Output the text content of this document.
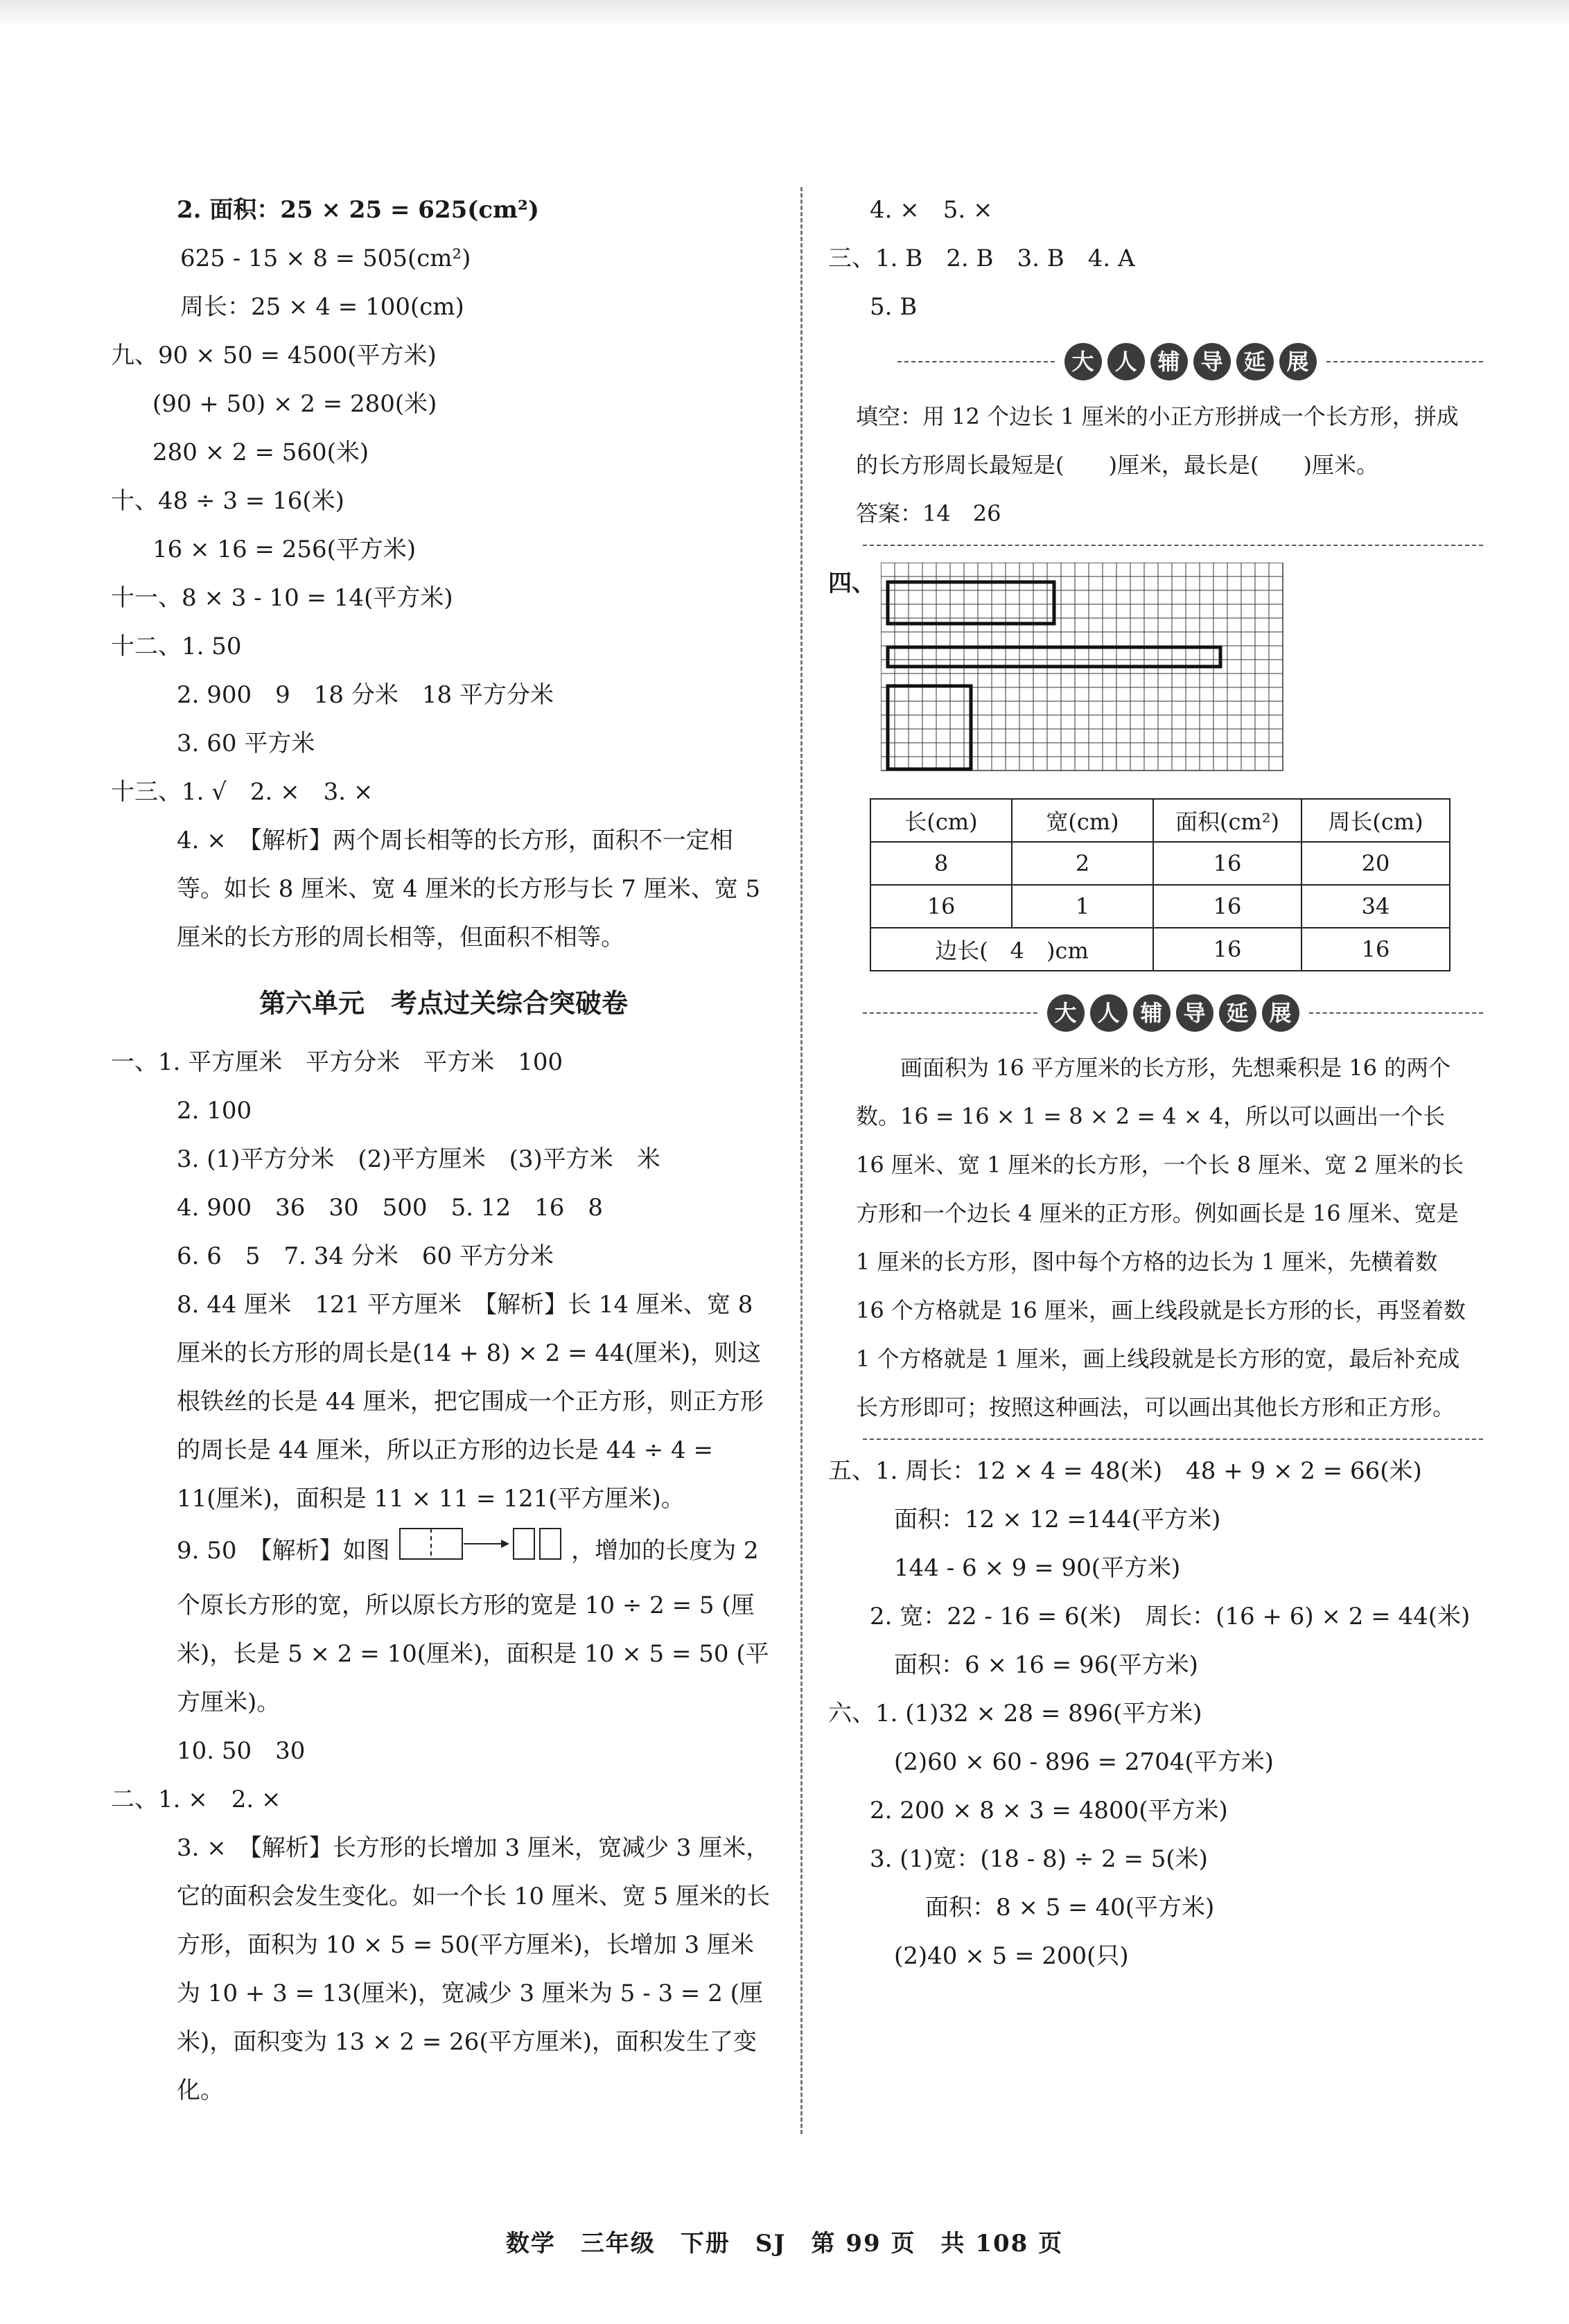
2. 面积：25 × 25 = 625(cm²)
625 - 15 × 8 = 505(cm²)
周长：25 × 4 = 100(cm)
九、90 × 50 = 4500(平方米)
(90 + 50) × 2 = 280(米)
280 × 2 = 560(米)
十、48 ÷ 3 = 16(米)
16 × 16 = 256(平方米)
十一、8 × 3 - 10 = 14(平方米)
十二、1. 50
2. 900　9　18 分米　18 平方分米
3. 60 平方米
十三、1. √　2. ×　3. ×
4. ×　【解析】两个周长相等的长方形，面积不一定相等。如长 8 厘米、宽 4 厘米的长方形与长 7 厘米、宽 5 厘米的长方形的周长相等，但面积不相等。
第六单元　考点过关综合突破卷
一、1. 平方厘米　平方分米　平方米　100
2. 100
3. (1)平方分米　(2)平方厘米　(3)平方米　米
4. 900　36　30　500　5. 12　16　8
6. 6　5　7. 34 分米　60 平方分米
8. 44 厘米　121 平方厘米　【解析】长 14 厘米、宽 8 厘米的长方形的周长是(14 + 8) × 2 = 44(厘米)，则这根铁丝的长是 44 厘米，把它围成一个正方形，则正方形的周长是 44 厘米，所以正方形的边长是 44 ÷ 4 = 11(厘米)，面积是 11 × 11 = 121(平方厘米)。
9. 50　【解析】如图	，增加的长度为 2 个原长方形的宽，所以原长方形的宽是 10 ÷ 2 = 5 (厘米)，长是 5 × 2 = 10(厘米)，面积是 10 × 5 = 50 (平方厘米)。
10. 50　30
二、1. ×　2. ×
3. ×　【解析】长方形的长增加 3 厘米，宽减少 3 厘米，它的面积会发生变化。如一个长 10 厘米、宽 5 厘米的长方形，面积为 10 × 5 = 50(平方厘米)，长增加 3 厘米为 10 + 3 = 13(厘米)，宽减少 3 厘米为 5 - 3 = 2 (厘米)，面积变为 13 × 2 = 26(平方厘米)，面积发生了变化。
4. ×　5. ×
三、1. B　2. B　3. B　4. A
5. B
大 人 辅 导 延 展
填空：用 12 个边长 1 厘米的小正方形拼成一个长方形，拼成的长方形周长最短是(　　)厘米，最长是(　　)厘米。
答案：14　26
四、
长(cm)	宽(cm)	面积(cm²)	周长(cm)
8	2	16	20
16	1	16	34
边长(　4　)cm		16	16
大 人 辅 导 延 展
画面积为 16 平方厘米的长方形，先想乘积是 16 的两个数。16 = 16 × 1 = 8 × 2 = 4 × 4，所以可以画出一个长 16 厘米、宽 1 厘米的长方形，一个长 8 厘米、宽 2 厘米的长方形和一个边长 4 厘米的正方形。例如画长是 16 厘米、宽是 1 厘米的长方形，图中每个方格的边长为 1 厘米，先横着数 16 个方格就是 16 厘米，画上线段就是长方形的长，再竖着数 1 个方格就是 1 厘米，画上线段就是长方形的宽，最后补充成长方形即可；按照这种画法，可以画出其他长方形和正方形。
五、1. 周长：12 × 4 = 48(米)　48 + 9 × 2 = 66(米)
面积：12 × 12 =144(平方米)
144 - 6 × 9 = 90(平方米)
2. 宽：22 - 16 = 6(米)　周长：(16 + 6) × 2 = 44(米)
面积：6 × 16 = 96(平方米)
六、1. (1)32 × 28 = 896(平方米)
(2)60 × 60 - 896 = 2704(平方米)
2. 200 × 8 × 3 = 4800(平方米)
3. (1)宽：(18 - 8) ÷ 2 = 5(米)
面积：8 × 5 = 40(平方米)
(2)40 × 5 = 200(只)
数学　三年级　下册　SJ　第 99 页　共 108 页
